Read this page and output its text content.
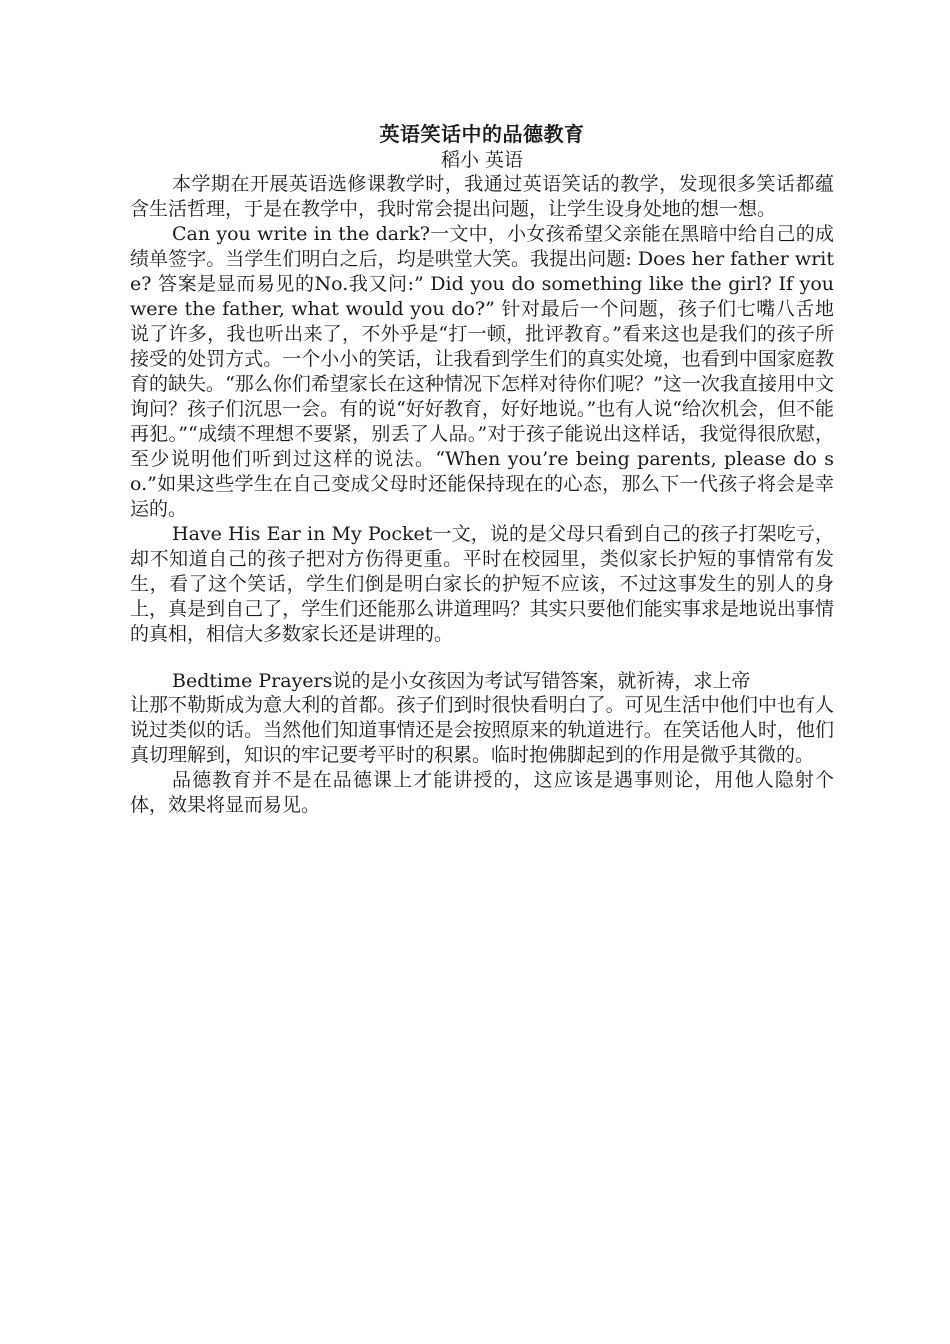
英语笑话中的品德教育

稻小 英语

本学期在开展英语选修课教学时，我通过英语笑话的教学，发现很多笑话都蕴含生活哲理，于是在教学中，我时常会提出问题，让学生设身处地的想一想。

Can you write in the dark?一文中，小女孩希望父亲能在黑暗中给自己的成绩单签字。当学生们明白之后，均是哄堂大笑。我提出问题: Does her father write? 答案是显而易见的No.我又问:” Did you do something like the girl? If you were the father, what would you do?” 针对最后一个问题，孩子们七嘴八舌地说了许多，我也听出来了，不外乎是“打一顿，批评教育。”看来这也是我们的孩子所接受的处罚方式。一个小小的笑话，让我看到学生们的真实处境，也看到中国家庭教育的缺失。“那么你们希望家长在这种情况下怎样对待你们呢？”这一次我直接用中文询问？孩子们沉思一会。有的说“好好教育，好好地说。”也有人说“给次机会，但不能再犯。”“成绩不理想不要紧，别丢了人品。”对于孩子能说出这样话，我觉得很欣慰，至少说明他们听到过这样的说法。“When you’re being parents, please do so.”如果这些学生在自己变成父母时还能保持现在的心态，那么下一代孩子将会是幸运的。

Have His Ear in My Pocket一文，说的是父母只看到自己的孩子打架吃亏，却不知道自己的孩子把对方伤得更重。平时在校园里，类似家长护短的事情常有发生，看了这个笑话，学生们倒是明白家长的护短不应该，不过这事发生的别人的身上，真是到自己了，学生们还能那么讲道理吗？其实只要他们能实事求是地说出事情的真相，相信大多数家长还是讲理的。

Bedtime Prayers说的是小女孩因为考试写错答案，就祈祷，求上帝

让那不勒斯成为意大利的首都。孩子们到时很快看明白了。可见生活中他们中也有人说过类似的话。当然他们知道事情还是会按照原来的轨道进行。在笑话他人时，他们真切理解到，知识的牢记要考平时的积累。临时抱佛脚起到的作用是微乎其微的。

品德教育并不是在品德课上才能讲授的，这应该是遇事则论，用他人隐射个体，效果将显而易见。
